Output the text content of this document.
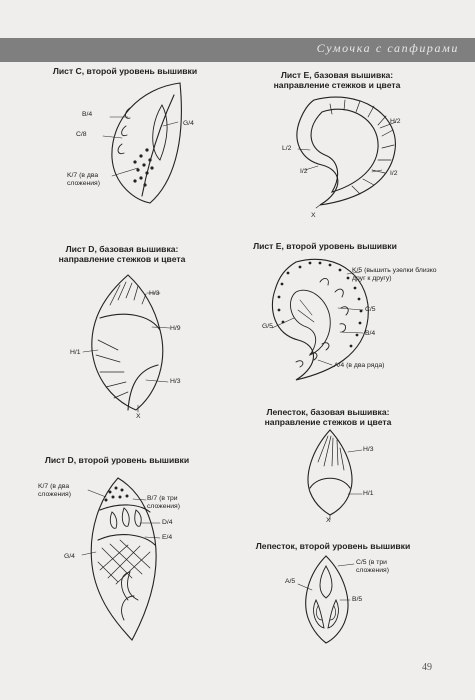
Сумочка с сапфирами
Лист С, второй уровень вышивки	Лист Е, базовая вышивка: направление стежков и цвета
Лист D, базовая вышивка: направление стежков и цвета
Лист Е, второй уровень вышивки
Лист D, второй уровень вышивки
Лепесток, базовая вышивка: направление стежков и цвета
Лепесток, второй уровень вышивки
B/4
C/8
G/4
K/7 (в два сложения)
H/2
L/2
I/2	I/2
X
H/3
H/9
H/1
H/3
X
K/5 (вышить узелки близко друг к другу)
C/5
G/5
B/4
A/4 (в два ряда)
K/7 (в два сложения)
B/7 (в три сложения)
D/4
E/4
G/4
H/3
H/1
X
C/5 (в три сложения)
A/5
B/5
49
